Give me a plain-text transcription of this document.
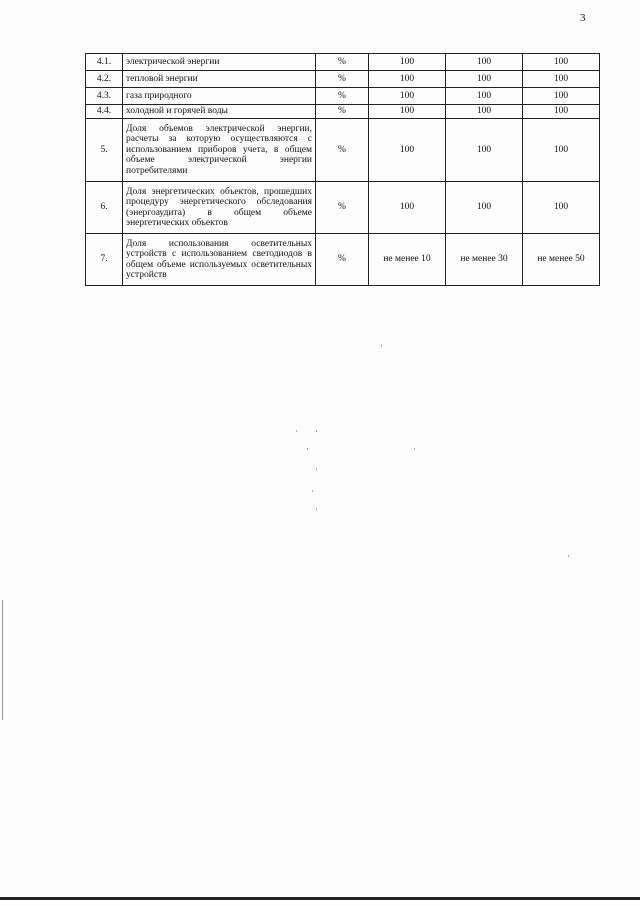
3
4.1.	электрической энергии	%	100	100	100
4.2.	тепловой энергии	%	100	100	100
4.3.	газа природного	%	100	100	100
4.4.	холодной и горячей воды	%	100	100	100
5.	Доля объемов электрической энергии, расчеты за которую осуществляются с использованием приборов учета, в общем объеме электрической энергии потребителями	%	100	100	100
6.	Доля энергетических объектов, прошедших процедуру энергетического обследования (энергоаудита) в общем объеме энергетических объектов	%	100	100	100
7.	Доля использования осветительных устройств с использованием светодиодов в общем объеме используемых осветительных устройств	%	не менее 10	не менее 30	не менее 50
